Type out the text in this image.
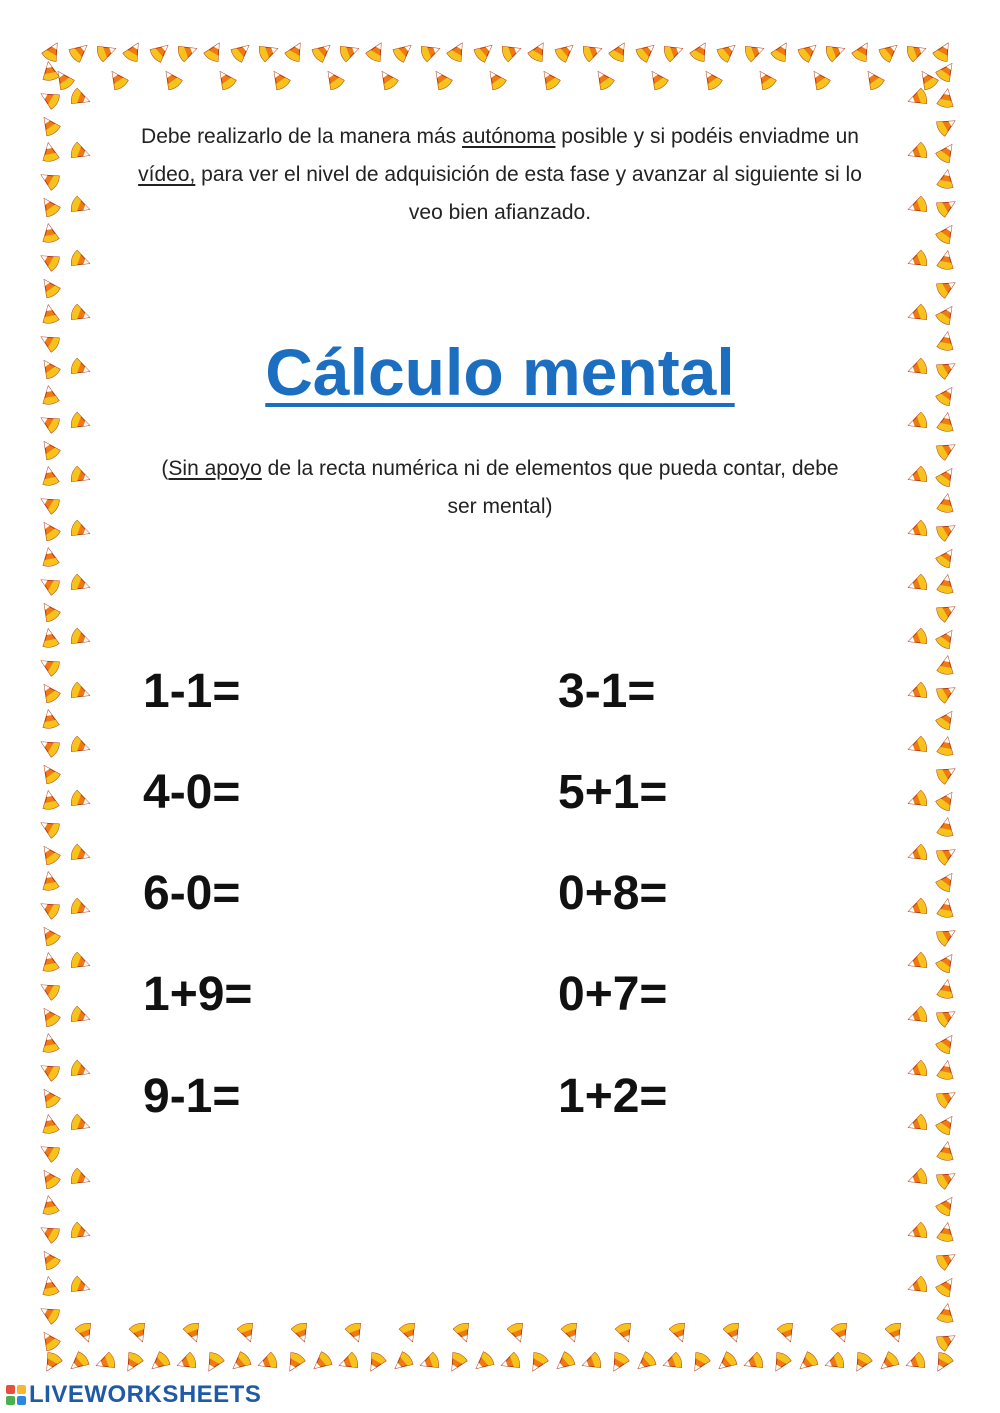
Debe realizarlo de la manera más autónoma posible y si podéis enviadme un vídeo, para ver el nivel de adquisición de esta fase y avanzar al siguiente si lo veo bien afianzado.
Cálculo mental
(Sin apoyo de la recta numérica ni de elementos que pueda contar, debe ser mental)
1-1=
4-0=
6-0=
1+9=
9-1=
3-1=
5+1=
0+8=
0+7=
1+2=
LIVEWORKSHEETS
